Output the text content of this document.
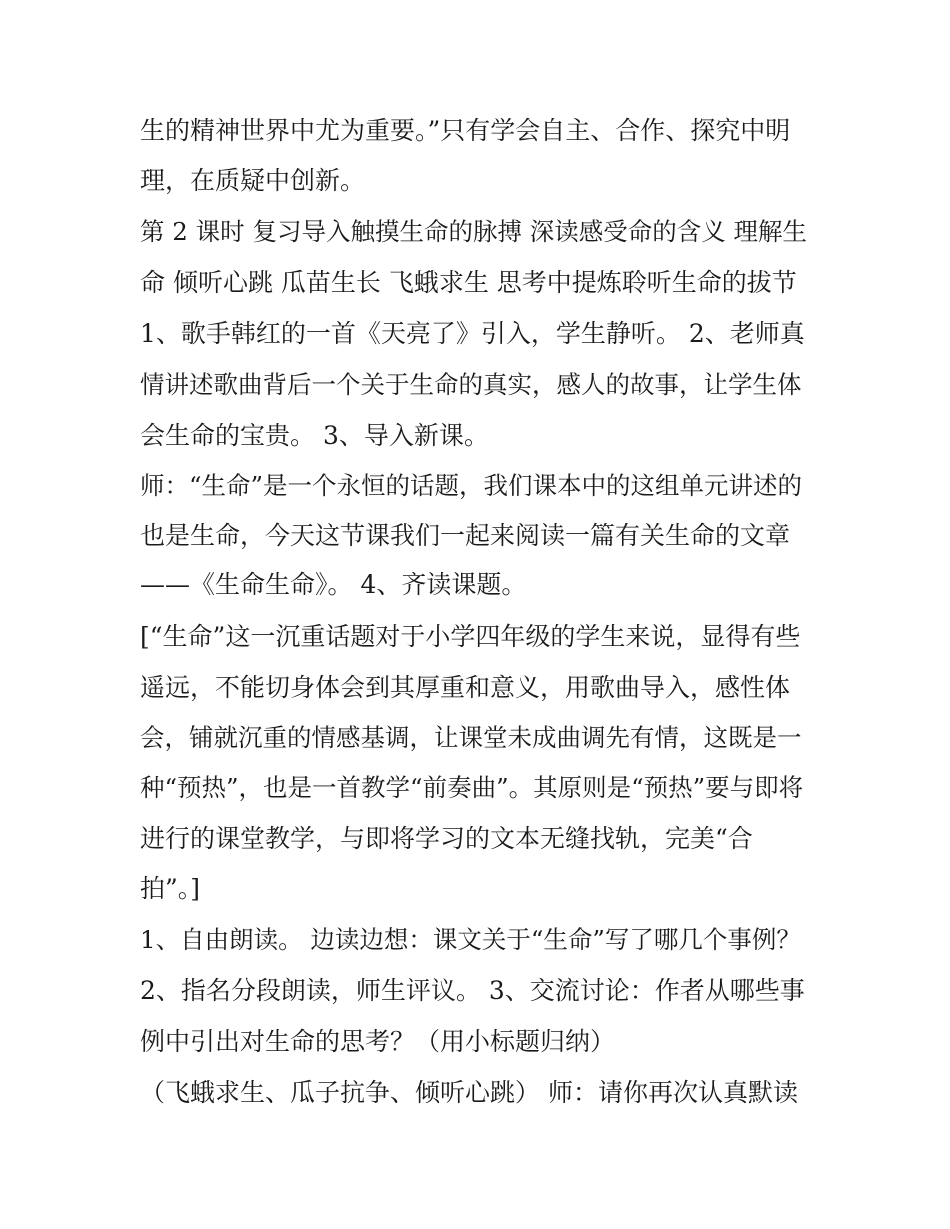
生的精神世界中尤为重要。”只有学会自主、合作、探究中明
理，在质疑中创新。
第 2 课时 复习导入触摸生命的脉搏 深读感受命的含义 理解生
命 倾听心跳 瓜苗生长 飞蛾求生 思考中提炼聆听生命的拔节
1、歌手韩红的一首《天亮了》引入，学生静听。 2、老师真
情讲述歌曲背后一个关于生命的真实，感人的故事，让学生体
会生命的宝贵。 3、导入新课。
师：“生命”是一个永恒的话题，我们课本中的这组单元讲述的
也是生命，今天这节课我们一起来阅读一篇有关生命的文章
——《生命生命》。 4、齐读课题。
[“生命”这一沉重话题对于小学四年级的学生来说，显得有些
遥远，不能切身体会到其厚重和意义，用歌曲导入，感性体
会，铺就沉重的情感基调，让课堂未成曲调先有情，这既是一
种“预热”，也是一首教学“前奏曲”。其原则是“预热”要与即将
进行的课堂教学，与即将学习的文本无缝找轨，完美“合
拍”。]
1、自由朗读。 边读边想：课文关于“生命”写了哪几个事例？
2、指名分段朗读，师生评议。 3、交流讨论：作者从哪些事
例中引出对生命的思考？（用小标题归纳）
（飞蛾求生、瓜子抗争、倾听心跳） 师：请你再次认真默读
